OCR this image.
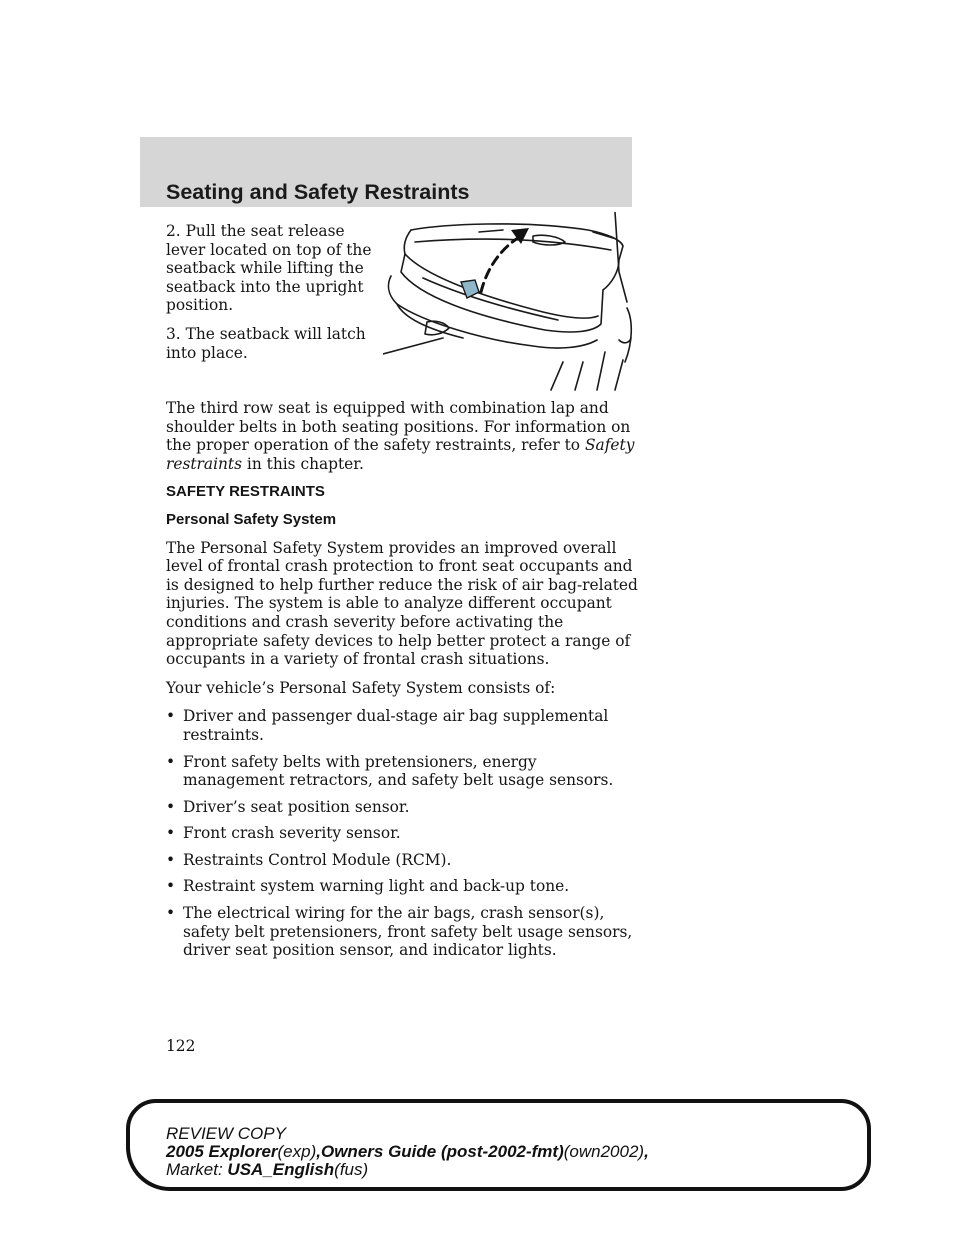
Seating and Safety Restraints

2. Pull the seat release lever located on top of the seatback while lifting the seatback into the upright position.

3. The seatback will latch into place.

The third row seat is equipped with combination lap and shoulder belts in both seating positions. For information on the proper operation of the safety restraints, refer to Safety restraints in this chapter.

SAFETY RESTRAINTS

Personal Safety System

The Personal Safety System provides an improved overall level of frontal crash protection to front seat occupants and is designed to help further reduce the risk of air bag-related injuries. The system is able to analyze different occupant conditions and crash severity before activating the appropriate safety devices to help better protect a range of occupants in a variety of frontal crash situations.

Your vehicle’s Personal Safety System consists of:

• Driver and passenger dual-stage air bag supplemental restraints.
• Front safety belts with pretensioners, energy management retractors, and safety belt usage sensors.
• Driver’s seat position sensor.
• Front crash severity sensor.
• Restraints Control Module (RCM).
• Restraint system warning light and back-up tone.
• The electrical wiring for the air bags, crash sensor(s), safety belt pretensioners, front safety belt usage sensors, driver seat position sensor, and indicator lights.

122

REVIEW COPY

2005 Explorer(exp),Owners Guide (post-2002-fmt)(own2002),

Market: USA_English(fus)
